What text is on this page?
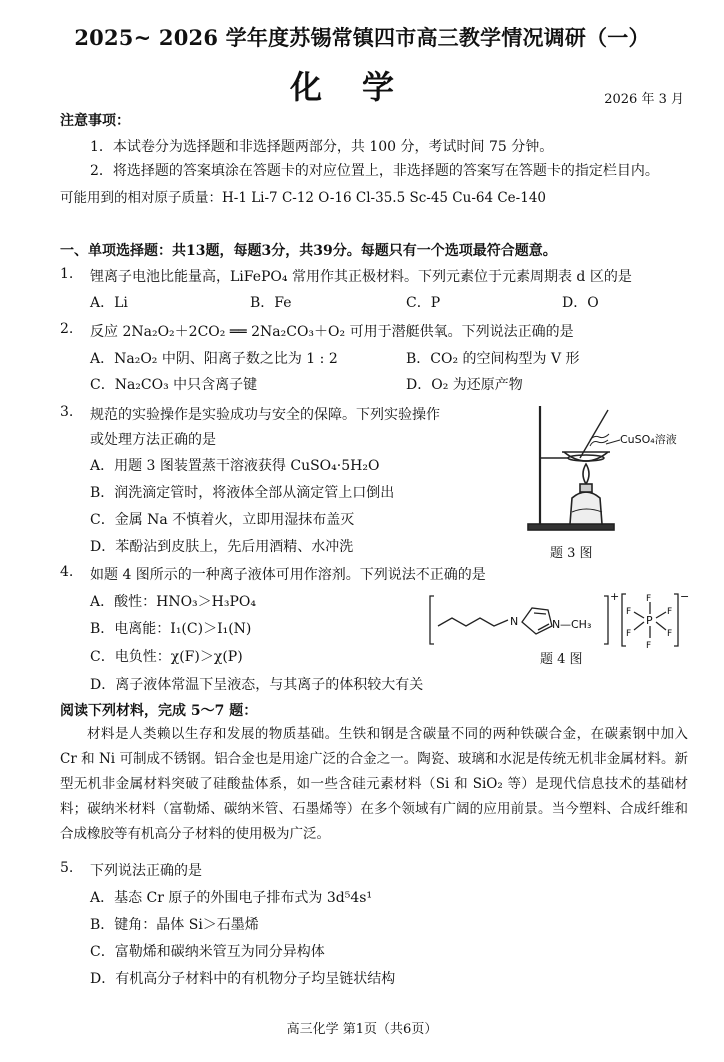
2025~ 2026 学年度苏锡常镇四市高三教学情况调研（一）
化学	2026 年 3 月
注意事项：
1．本试卷分为选择题和非选择题两部分，共 100 分，考试时间 75 分钟。
2．将选择题的答案填涂在答题卡的对应位置上，非选择题的答案写在答题卡的指定栏目内。
可能用到的相对原子质量：H-1 Li-7 C-12 O-16 Cl-35.5 Sc-45 Cu-64 Ce-140
一、单项选择题：共13题，每题3分，共39分。每题只有一个选项最符合题意。
1. 锂离子电池比能量高，LiFePO₄ 常用作其正极材料。下列元素位于元素周期表 d 区的是
A．Li	B．Fe	C．P	D．O
2. 反应 2Na₂O₂＋2CO₂ ══ 2Na₂CO₃＋O₂ 可用于潜艇供氧。下列说法正确的是
A．Na₂O₂ 中阴、阳离子数之比为 1 : 2	B．CO₂ 的空间构型为 V 形
C．Na₂CO₃ 中只含离子键	D．O₂ 为还原产物
3. 规范的实验操作是实验成功与安全的保障。下列实验操作
或处理方法正确的是
A．用题 3 图装置蒸干溶液获得 CuSO₄·5H₂O
B．润洗滴定管时，将液体全部从滴定管上口倒出
C．金属 Na 不慎着火，立即用湿抹布盖灭
D．苯酚沾到皮肤上，先后用酒精、水冲洗
CuSO₄溶液
题 3 图
4. 如题 4 图所示的一种离子液体可用作溶剂。下列说法不正确的是
A．酸性：HNO₃＞H₃PO₄
B．电离能：I₁(C)＞I₁(N)
C．电负性：χ(F)＞χ(P)
D．离子液体常温下呈液态，与其离子的体积较大有关
N	N —CH₃
+	−
P
F
F
F	F
F	F
题 4 图
阅读下列材料，完成 5～7 题：
材料是人类赖以生存和发展的物质基础。生铁和钢是含碳量不同的两种铁碳合金，在碳素钢中加入 Cr 和 Ni 可制成不锈钢。铝合金也是用途广泛的合金之一。陶瓷、玻璃和水泥是传统无机非金属材料。新型无机非金属材料突破了硅酸盐体系，如一些含硅元素材料（Si 和 SiO₂ 等）是现代信息技术的基础材料；碳纳米材料（富勒烯、碳纳米管、石墨烯等）在多个领域有广阔的应用前景。当今塑料、合成纤维和合成橡胶等有机高分子材料的使用极为广泛。
5. 下列说法正确的是
A．基态 Cr 原子的外围电子排布式为 3d⁵4s¹
B．键角：晶体 Si＞石墨烯
C．富勒烯和碳纳米管互为同分异构体
D．有机高分子材料中的有机物分子均呈链状结构
高三化学 第1页（共6页）
